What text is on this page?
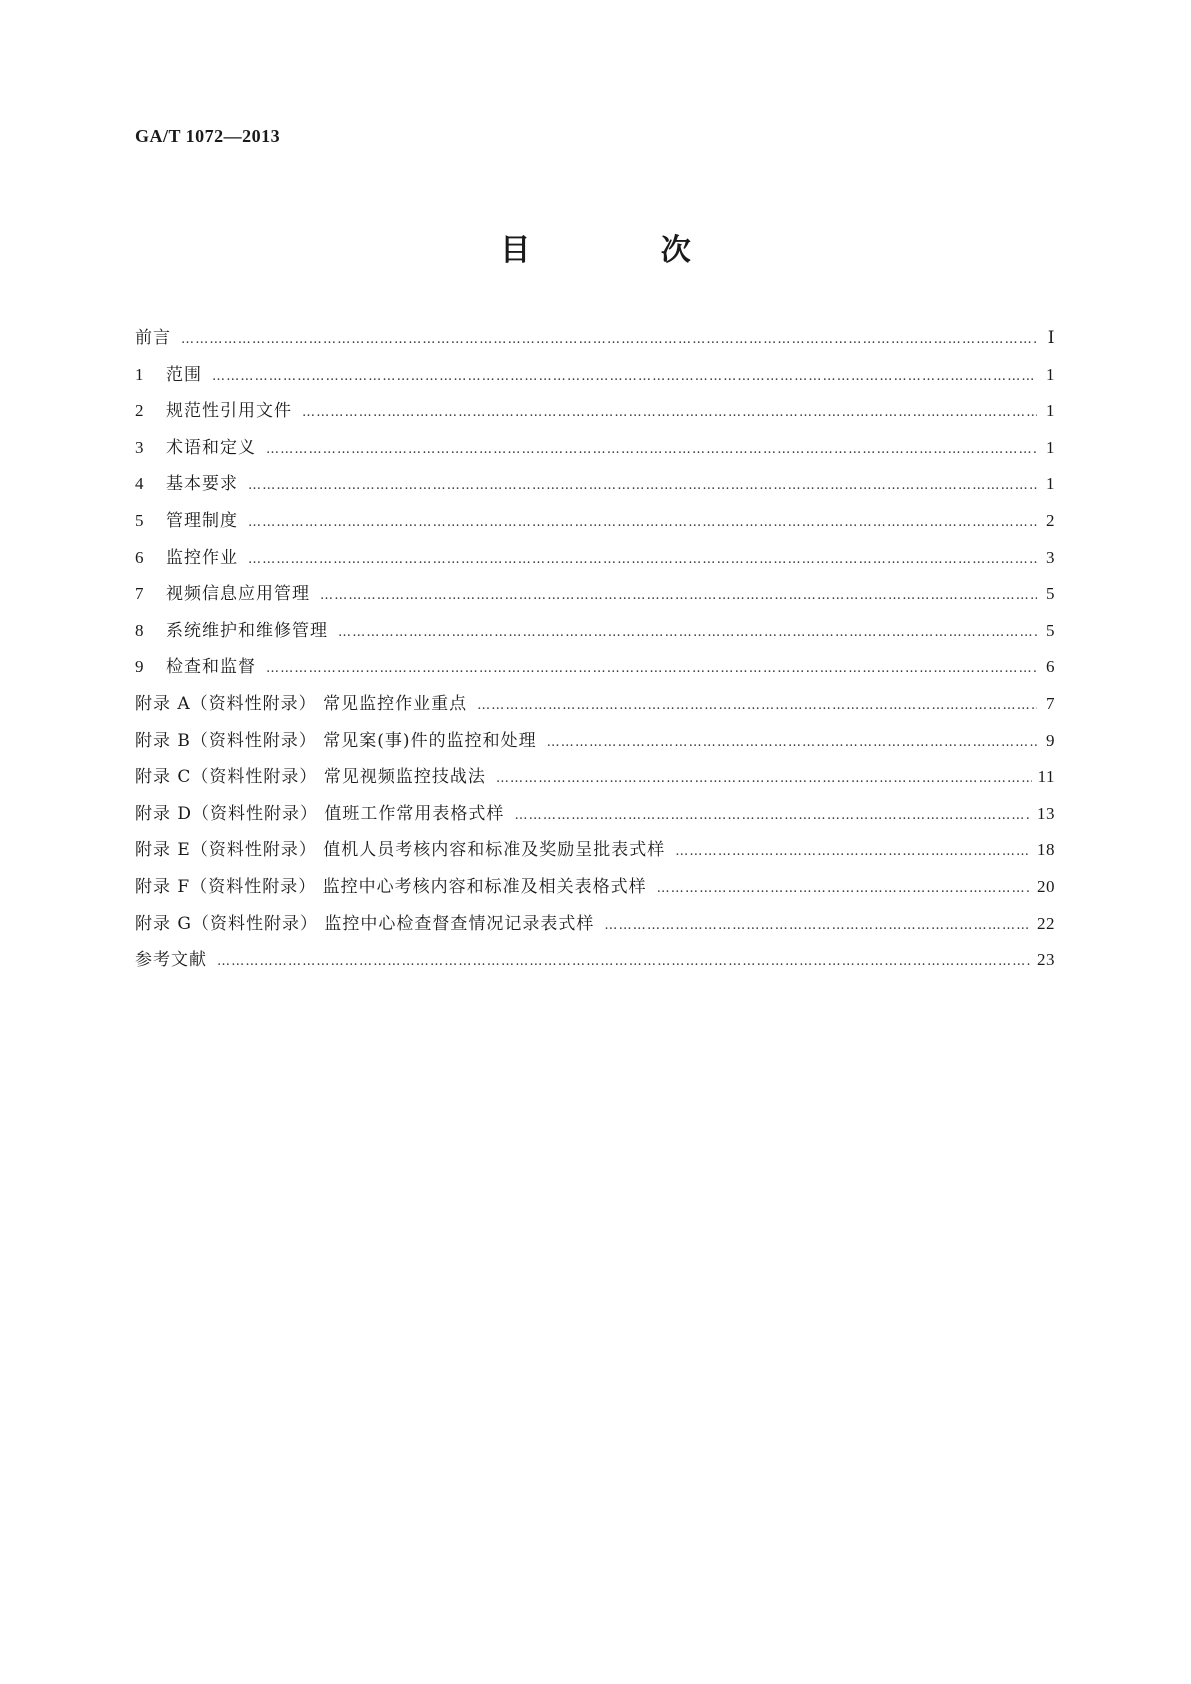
GA/T 1072—2013
目 次
前言 …………………………………………………………………………………………………………………………………………………………………………………………	Ⅰ
1	范围 …………………………………………………………………………………………………………………………………………………………………………………………	1
2	规范性引用文件 …………………………………………………………………………………………………………………………………………………………………………………………	1
3	术语和定义 …………………………………………………………………………………………………………………………………………………………………………………………	1
4	基本要求 …………………………………………………………………………………………………………………………………………………………………………………………	1
5	管理制度 …………………………………………………………………………………………………………………………………………………………………………………………	2
6	监控作业 …………………………………………………………………………………………………………………………………………………………………………………………	3
7	视频信息应用管理 …………………………………………………………………………………………………………………………………………………………………………………………	5
8	系统维护和维修管理 …………………………………………………………………………………………………………………………………………………………………………………………	5
9	检查和监督 …………………………………………………………………………………………………………………………………………………………………………………………	6
附录 A（资料性附录） 常见监控作业重点 …………………………………………………………………………………………………………………………………………………………………………………………	7
附录 B（资料性附录） 常见案(事)件的监控和处理 …………………………………………………………………………………………………………………………………………………………………………………………	9
附录 C（资料性附录） 常见视频监控技战法 …………………………………………………………………………………………………………………………………………………………………………………………	11
附录 D（资料性附录） 值班工作常用表格式样 …………………………………………………………………………………………………………………………………………………………………………………………	13
附录 E（资料性附录） 值机人员考核内容和标准及奖励呈批表式样 …………………………………………………………………………………………………………………………………………………………………………………………	18
附录 F（资料性附录） 监控中心考核内容和标准及相关表格式样 …………………………………………………………………………………………………………………………………………………………………………………………	20
附录 G（资料性附录） 监控中心检查督查情况记录表式样 …………………………………………………………………………………………………………………………………………………………………………………………	22
参考文献 …………………………………………………………………………………………………………………………………………………………………………………………	23
